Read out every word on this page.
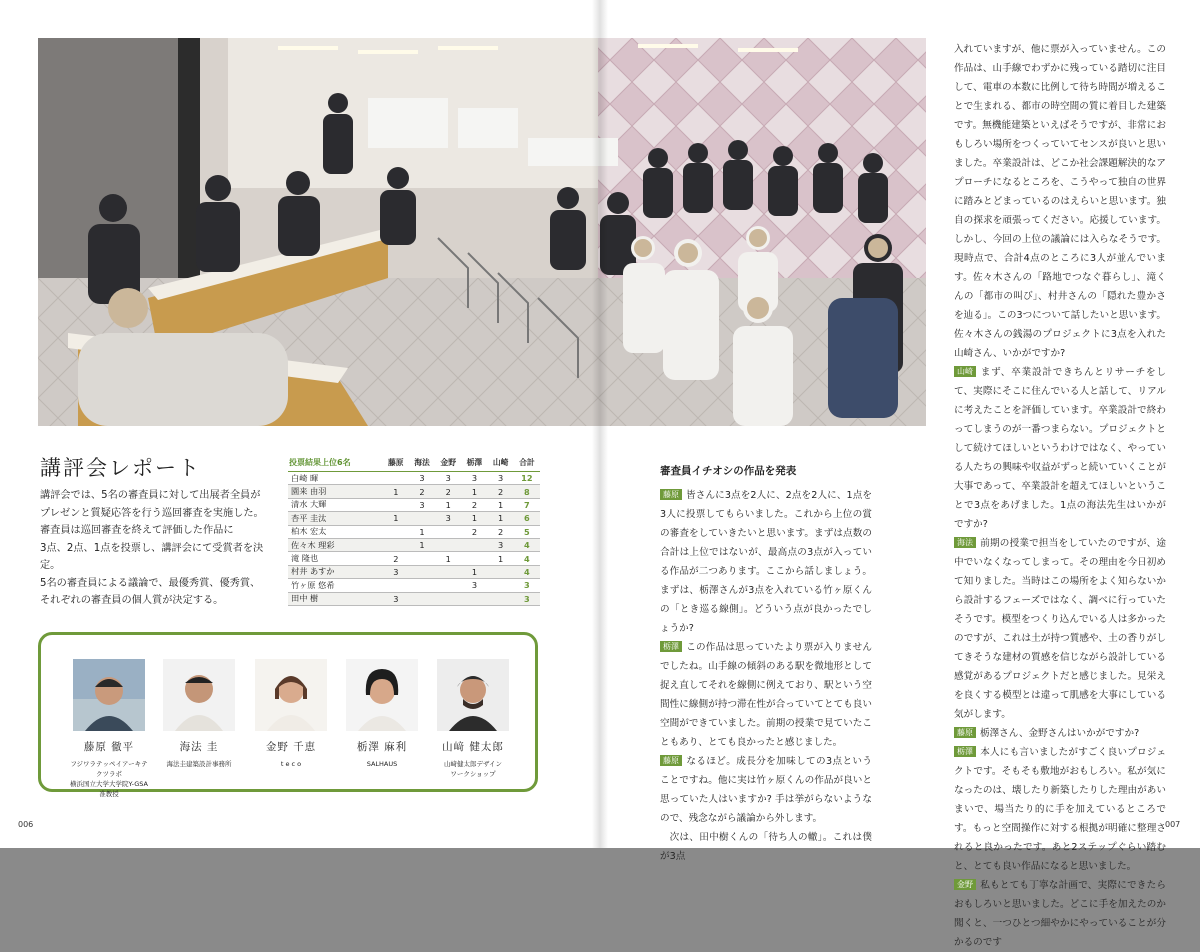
講評会レポート

講評会では、5名の審査員に対して出展者全員が

プレゼンと質疑応答を行う巡回審査を実施した。

審査員は巡回審査を終えて評価した作品に

3点、2点、1点を投票し、講評会にて受賞者を決定。

5名の審査員による議論で、最優秀賞、優秀賞、

それぞれの審査員の個人賞が決定する。

投票結果上位6名	藤原	海法	金野	栃澤	山崎	合計
白崎 暉		3	3	3	3	12
園来 由羽	1	2	2	1	2	8
清水 大輝		3	1	2	1	7
杏平 圭汰	1		3	1	1	6
柏木 宏太		1		2	2	5
佐々木 理彩		1			3	4
滝 隆也	2		1		1	4
村井 あすか	3			1		4
竹ヶ原 悠希				3		3
田中 樹	3					3
藤原 徹平
フジワラテッペイアーキテクツラボ
横浜国立大学大学院Y-GSA准教授
海法 圭
海法圭建築設計事務所
金野 千恵
t e c o
栃澤 麻利
SALHAUS
山﨑 健太郎
山﨑健太郎デザイン
ワークショップ
006
審査員イチオシの作品を発表

藤原 皆さんに3点を2人に、2点を2人に、1点を3人に投票してもらいました。これから上位の賞の審査をしていきたいと思います。まずは点数の合計は上位ではないが、最高点の3点が入っている作品が二つあります。ここから話しましょう。まずは、栃澤さんが3点を入れている竹ヶ原くんの「とき巡る線側」。どういう点が良かったでしょうか?

栃澤 この作品は思っていたより票が入りませんでしたね。山手線の傾斜のある駅を微地形として捉え直してそれを線側に例えており、駅という空間性に線側が持つ滞在性が合っていてとても良い空間ができていました。前期の授業で見ていたこともあり、とても良かったと感じました。

藤原 なるほど。成長分を加味しての3点ということですね。他に実は竹ヶ原くんの作品が良いと思っていた人はいますか? 手は挙がらないようなので、残念ながら議論から外します。

次は、田中樹くんの「待ち人の轍」。これは僕が3点

入れていますが、他に票が入っていません。この作品は、山手線でわずかに残っている踏切に注目して、電車の本数に比例して待ち時間が増えることで生まれる、都市の時空間の質に着目した建築です。無機能建築といえばそうですが、非常におもしろい場所をつくっていてセンスが良いと思いました。卒業設計は、どこか社会課題解決的なアプローチになるところを、こうやって独自の世界に踏みとどまっているのはえらいと思います。独自の探求を頑張ってください。応援しています。しかし、今回の上位の議論には入らなそうです。現時点で、合計4点のところに3人が並んでいます。佐々木さんの「路地でつなぐ暮らし」、滝くんの「都市の叫び」、村井さんの「隠れた豊かさを辿る」。この3つについて話したいと思います。佐々木さんの銭湯のプロジェクトに3点を入れた山崎さん、いかがですか?

山崎 まず、卒業設計できちんとリサーチをして、実際にそこに住んでいる人と話して、リアルに考えたことを評価しています。卒業設計で終わってしまうのが一番つまらない。プロジェクトとして続けてほしいというわけではなく、やっている人たちの興味や収益がずっと続いていくことが大事であって、卒業設計を超えてほしいということで3点をあげました。1点の海法先生はいかがですか?

海法 前期の授業で担当をしていたのですが、途中でいなくなってしまって。その理由を今日初めて知りました。当時はこの場所をよく知らないから設計するフェーズではなく、調べに行っていたそうです。模型をつくり込んでいる人は多かったのですが、これは土が持つ質感や、土の香りがしてきそうな建材の質感を信じながら設計している感覚があるプロジェクトだと感じました。見栄えを良くする模型とは違って肌感を大事にしている気がします。

藤原 栃澤さん、金野さんはいかがですか?

栃澤 本人にも言いましたがすごく良いプロジェクトです。そもそも敷地がおもしろい。私が気になったのは、壊したり新築したりした理由があいまいで、場当たり的に手を加えているところです。もっと空間操作に対する根拠が明確に整理されると良かったです。あと2ステップぐらい踏むと、とても良い作品になると思いました。

金野 私もとても丁寧な計画で、実際にできたらおもしろいと思いました。どこに手を加えたのか聞くと、一つひとつ細やかにやっていることが分かるのです

007
